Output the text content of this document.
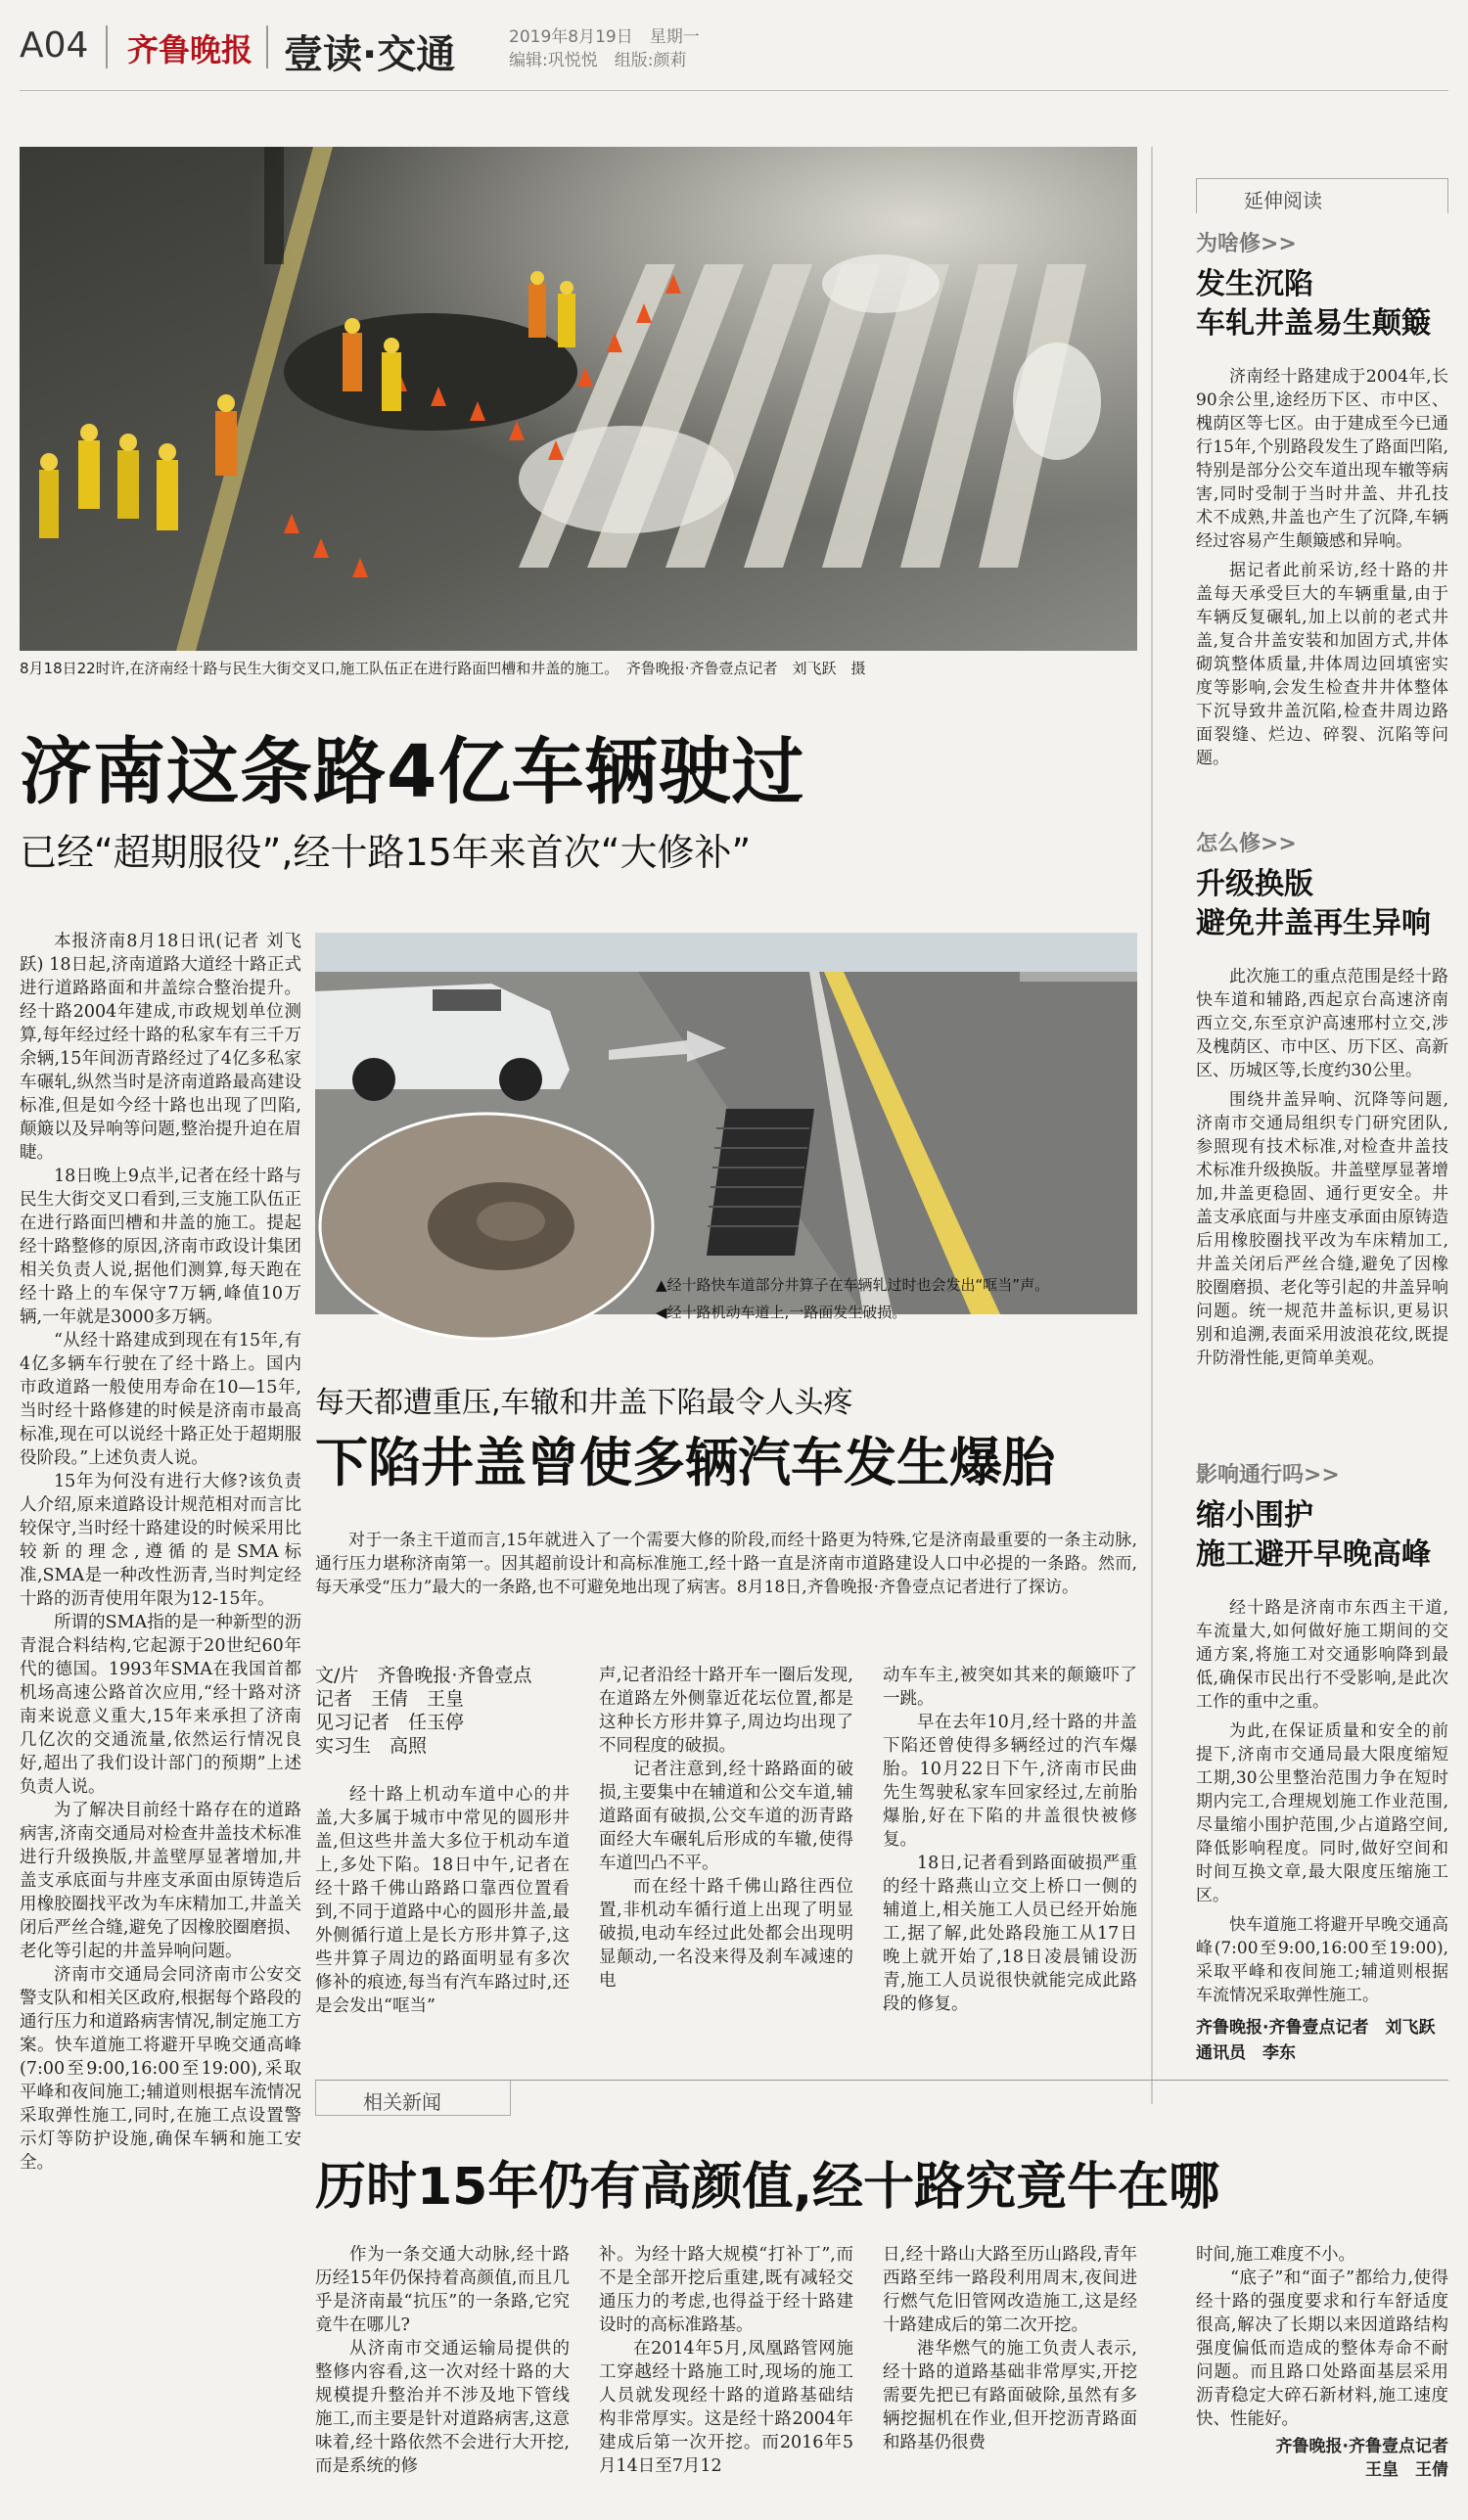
A04 齐鲁晚报 壹读·交通	2019年8月19日　 星期一
编辑:巩悦悦　 组版:颜莉
8月18日22时许,在济南经十路与民生大街交叉口,施工队伍正在进行路面凹槽和井盖的施工。　 齐鲁晚报·齐鲁壹点记者　刘飞跃　摄
济南这条路4亿车辆驶过
已经“超期服役”,经十路15年来首次“大修补”
延伸阅读
为啥修>>
发生沉陷
车轧井盖易生颠簸

济南经十路建成于2004年,长90余公里,途经历下区、市中区、槐荫区等七区。由于建成至今已通行15年,个别路段发生了路面凹陷,特别是部分公交车道出现车辙等病害,同时受制于当时井盖、井孔技术不成熟,井盖也产生了沉降,车辆经过容易产生颠簸感和异响。

据记者此前采访,经十路的井盖每天承受巨大的车辆重量,由于车辆反复碾轧,加上以前的老式井盖,复合井盖安装和加固方式,井体砌筑整体质量,井体周边回填密实度等影响,会发生检查井井体整体下沉导致井盖沉陷,检查井周边路面裂缝、烂边、碎裂、沉陷等问题。

怎么修>>
升级换版
避免井盖再生异响

此次施工的重点范围是经十路快车道和辅路,西起京台高速济南西立交,东至京沪高速邢村立交,涉及槐荫区、市中区、历下区、高新区、历城区等,长度约30公里。

围绕井盖异响、沉降等问题,济南市交通局组织专门研究团队,参照现有技术标准,对检查井盖技术标准升级换版。井盖壁厚显著增加,井盖更稳固、通行更安全。井盖支承底面与井座支承面由原铸造后用橡胶圈找平改为车床精加工,井盖关闭后严丝合缝,避免了因橡胶圈磨损、老化等引起的井盖异响问题。统一规范井盖标识,更易识别和追溯,表面采用波浪花纹,既提升防滑性能,更简单美观。

影响通行吗>>
缩小围护
施工避开早晚高峰

经十路是济南市东西主干道,车流量大,如何做好施工期间的交通方案,将施工对交通影响降到最低,确保市民出行不受影响,是此次工作的重中之重。

为此,在保证质量和安全的前提下,济南市交通局最大限度缩短工期,30公里整治范围力争在短时期内完工,合理规划施工作业范围,尽量缩小围护范围,少占道路空间,降低影响程度。同时,做好空间和时间互换文章,最大限度压缩施工区。

快车道施工将避开早晚交通高峰(7:00至9:00,16:00至19:00),采取平峰和夜间施工;辅道则根据车流情况采取弹性施工。

齐鲁晚报·齐鲁壹点记者　刘飞跃　通讯员　李东

本报济南8月18日讯(记者 刘飞跃) 18日起,济南道路大道经十路正式进行道路路面和井盖综合整治提升。经十路2004年建成,市政规划单位测算,每年经过经十路的私家车有三千万余辆,15年间沥青路经过了4亿多私家车碾轧,纵然当时是济南道路最高建设标准,但是如今经十路也出现了凹陷,颠簸以及异响等问题,整治提升迫在眉睫。

18日晚上9点半,记者在经十路与民生大街交叉口看到,三支施工队伍正在进行路面凹槽和井盖的施工。提起经十路整修的原因,济南市政设计集团相关负责人说,据他们测算,每天跑在经十路上的车保守7万辆,峰值10万辆,一年就是3000多万辆。

“从经十路建成到现在有15年,有4亿多辆车行驶在了经十路上。国内市政道路一般使用寿命在10—15年,当时经十路修建的时候是济南市最高标准,现在可以说经十路正处于超期服役阶段。”上述负责人说。

15年为何没有进行大修?该负责人介绍,原来道路设计规范相对而言比较保守,当时经十路建设的时候采用比较新的理念,遵循的是SMA标准,SMA是一种改性沥青,当时判定经十路的沥青使用年限为12-15年。

所谓的SMA指的是一种新型的沥青混合料结构,它起源于20世纪60年代的德国。1993年SMA在我国首都机场高速公路首次应用,“经十路对济南来说意义重大,15年来承担了济南几亿次的交通流量,依然运行情况良好,超出了我们设计部门的预期”上述负责人说。

为了解决目前经十路存在的道路病害,济南交通局对检查井盖技术标准进行升级换版,井盖壁厚显著增加,井盖支承底面与井座支承面由原铸造后用橡胶圈找平改为车床精加工,井盖关闭后严丝合缝,避免了因橡胶圈磨损、老化等引起的井盖异响问题。

济南市交通局会同济南市公安交警支队和相关区政府,根据每个路段的通行压力和道路病害情况,制定施工方案。快车道施工将避开早晚交通高峰(7:00至9:00,16:00至19:00),采取平峰和夜间施工;辅道则根据车流情况采取弹性施工,同时,在施工点设置警示灯等防护设施,确保车辆和施工安全。

▲经十路快车道部分井算子在车辆轧过时也会发出“哐当”声。
◀经十路机动车道上,一路面发生破损。
每天都遭重压,车辙和井盖下陷最令人头疼
下陷井盖曾使多辆汽车发生爆胎

对于一条主干道而言,15年就进入了一个需要大修的阶段,而经十路更为特殊,它是济南最重要的一条主动脉,通行压力堪称济南第一。因其超前设计和高标准施工,经十路一直是济南市道路建设人口中必提的一条路。然而,每天承受“压力”最大的一条路,也不可避免地出现了病害。8月18日,齐鲁晚报·齐鲁壹点记者进行了探访。

文/片　齐鲁晚报·齐鲁壹点
记者　王倩　王皇
见习记者　任玉停
实习生　高照

经十路上机动车道中心的井盖,大多属于城市中常见的圆形井盖,但这些井盖大多位于机动车道上,多处下陷。18日中午,记者在经十路千佛山路路口靠西位置看到,不同于道路中心的圆形井盖,最外侧循行道上是长方形井算子,这些井算子周边的路面明显有多次修补的痕迹,每当有汽车路过时,还是会发出“哐当”

声,记者沿经十路开车一圈后发现,在道路左外侧靠近花坛位置,都是这种长方形井算子,周边均出现了不同程度的破损。

记者注意到,经十路路面的破损,主要集中在辅道和公交车道,辅道路面有破损,公交车道的沥青路面经大车碾轧后形成的车辙,使得车道凹凸不平。

而在经十路千佛山路往西位置,非机动车循行道上出现了明显破损,电动车经过此处都会出现明显颠动,一名没来得及刹车减速的电

动车车主,被突如其来的颠簸吓了一跳。

早在去年10月,经十路的井盖下陷还曾使得多辆经过的汽车爆胎。10月22日下午,济南市民曲先生驾驶私家车回家经过,左前胎爆胎,好在下陷的井盖很快被修复。

18日,记者看到路面破损严重的经十路燕山立交上桥口一侧的辅道上,相关施工人员已经开始施工,据了解,此处路段施工从17日晚上就开始了,18日凌晨铺设沥青,施工人员说很快就能完成此路段的修复。

相关新闻
历时15年仍有高颜值,经十路究竟牛在哪

作为一条交通大动脉,经十路历经15年仍保持着高颜值,而且几乎是济南最“抗压”的一条路,它究竟牛在哪儿?

从济南市交通运输局提供的整修内容看,这一次对经十路的大规模提升整治并不涉及地下管线施工,而主要是针对道路病害,这意味着,经十路依然不会进行大开挖,而是系统的修

补。为经十路大规模“打补丁”,而不是全部开挖后重建,既有减轻交通压力的考虑,也得益于经十路建设时的高标准路基。

在2014年5月,凤凰路管网施工穿越经十路施工时,现场的施工人员就发现经十路的道路基础结构非常厚实。这是经十路2004年建成后第一次开挖。而2016年5月14日至7月12

日,经十路山大路至历山路段,青年西路至纬一路段利用周末,夜间进行燃气危旧管网改造施工,这是经十路建成后的第二次开挖。

港华燃气的施工负责人表示,经十路的道路基础非常厚实,开挖需要先把已有路面破除,虽然有多辆挖掘机在作业,但开挖沥青路面和路基仍很费

时间,施工难度不小。

“底子”和“面子”都给力,使得经十路的强度要求和行车舒适度很高,解决了长期以来因道路结构强度偏低而造成的整体寿命不耐问题。而且路口处路面基层采用沥青稳定大碎石新材料,施工速度快、性能好。

齐鲁晚报·齐鲁壹点记者
王皇　王倩
